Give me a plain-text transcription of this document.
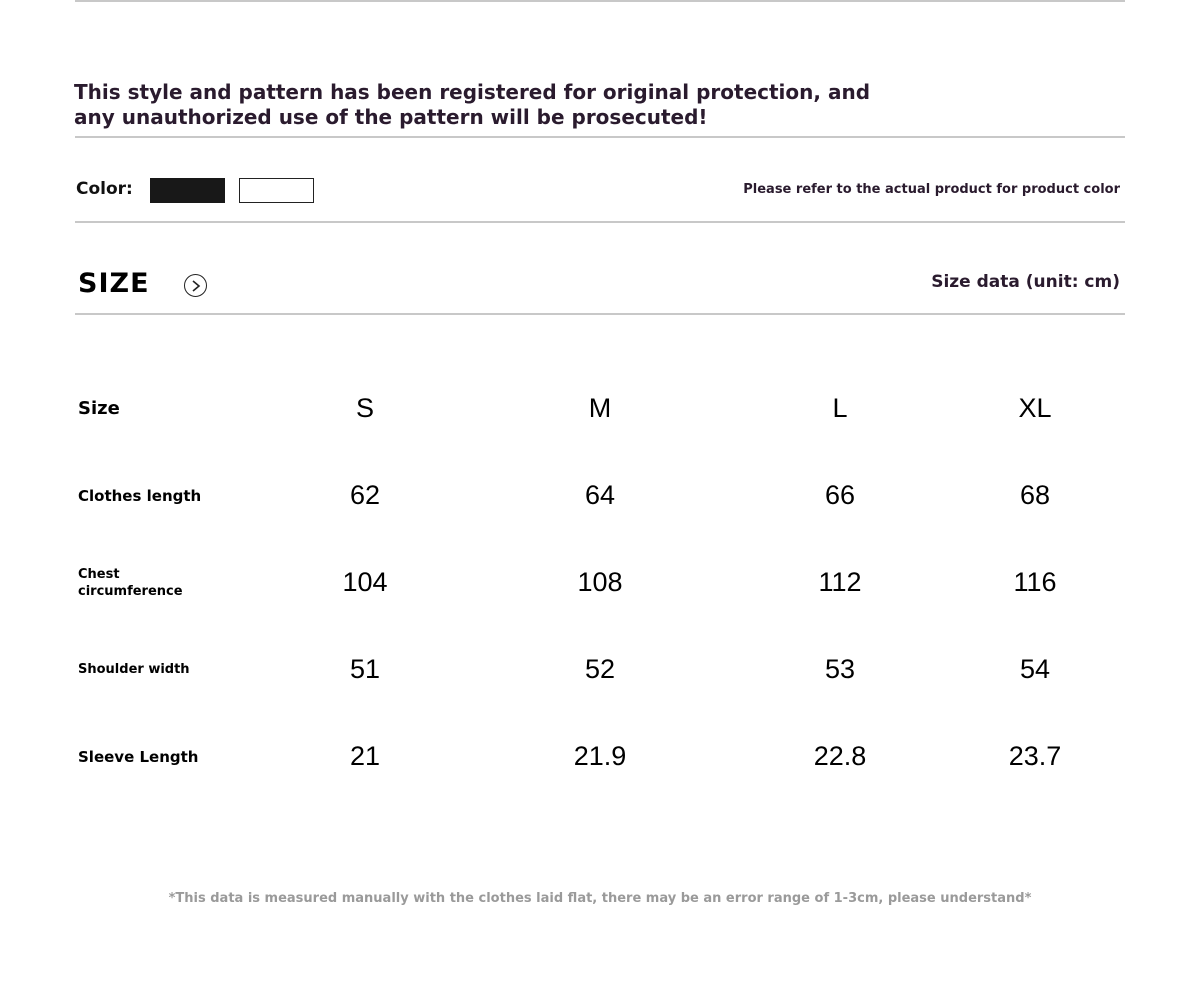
This style and pattern has been registered for original protection, and any unauthorized use of the pattern will be prosecuted!

Color:	Please refer to the actual product for product color
SIZE	Size data (unit: cm)
Size	S	M	L	XL
Clothes length	62	64	66	68
Chest circumference	104	108	112	116
Shoulder width	51	52	53	54
Sleeve Length	21	21.9	22.8	23.7
*This data is measured manually with the clothes laid flat, there may be an error range of 1-3cm, please understand*
